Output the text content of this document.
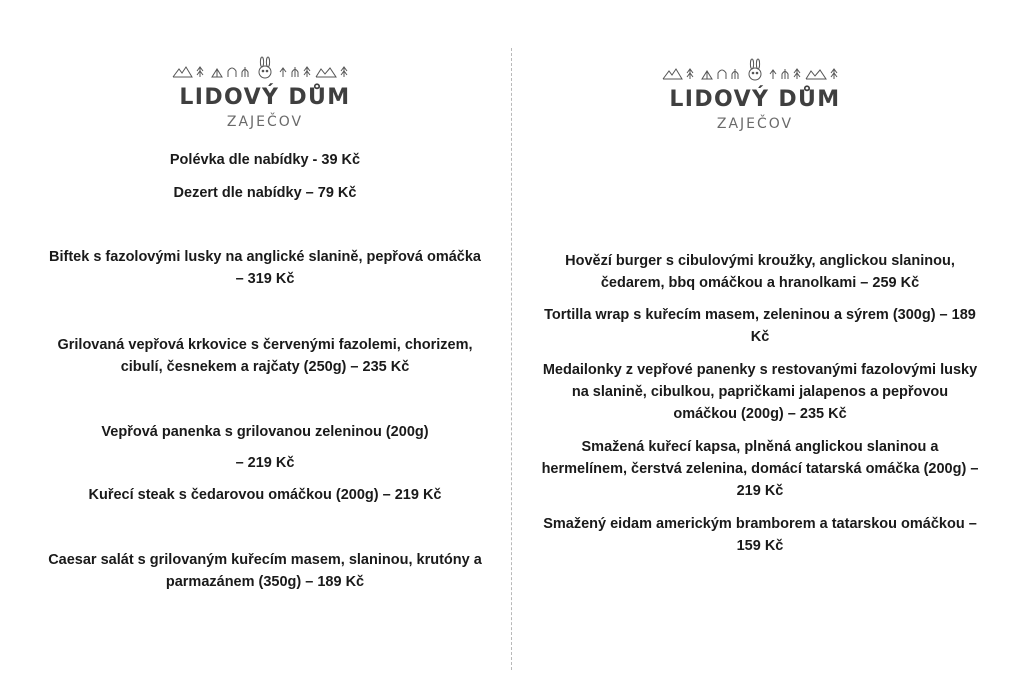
LIDOVÝ DŮM
ZAJEČOV
Polévka dle nabídky - 39 Kč
Dezert dle nabídky – 79 Kč
Biftek s fazolovými lusky na anglické slanině, pepřová omáčka – 319 Kč
Grilovaná vepřová krkovice s červenými fazolemi, chorizem, cibulí, česnekem a rajčaty (250g) – 235 Kč
Vepřová panenka s grilovanou zeleninou (200g)
– 219 Kč
Kuřecí steak s čedarovou omáčkou (200g) – 219 Kč
Caesar salát s grilovaným kuřecím masem, slaninou, krutóny a parmazánem (350g) – 189 Kč
LIDOVÝ DŮM
ZAJEČOV
Hovězí burger s cibulovými kroužky, anglickou slaninou, čedarem, bbq omáčkou a hranolkami – 259 Kč
Tortilla wrap s kuřecím masem, zeleninou a sýrem (300g) – 189 Kč
Medailonky z vepřové panenky s restovanými fazolovými lusky na slanině, cibulkou, papričkami jalapenos a pepřovou omáčkou (200g) – 235 Kč
Smažená kuřecí kapsa, plněná anglickou slaninou a hermelínem, čerstvá zelenina, domácí tatarská omáčka (200g) – 219 Kč
Smažený eidam americkým bramborem a tatarskou omáčkou – 159 Kč
